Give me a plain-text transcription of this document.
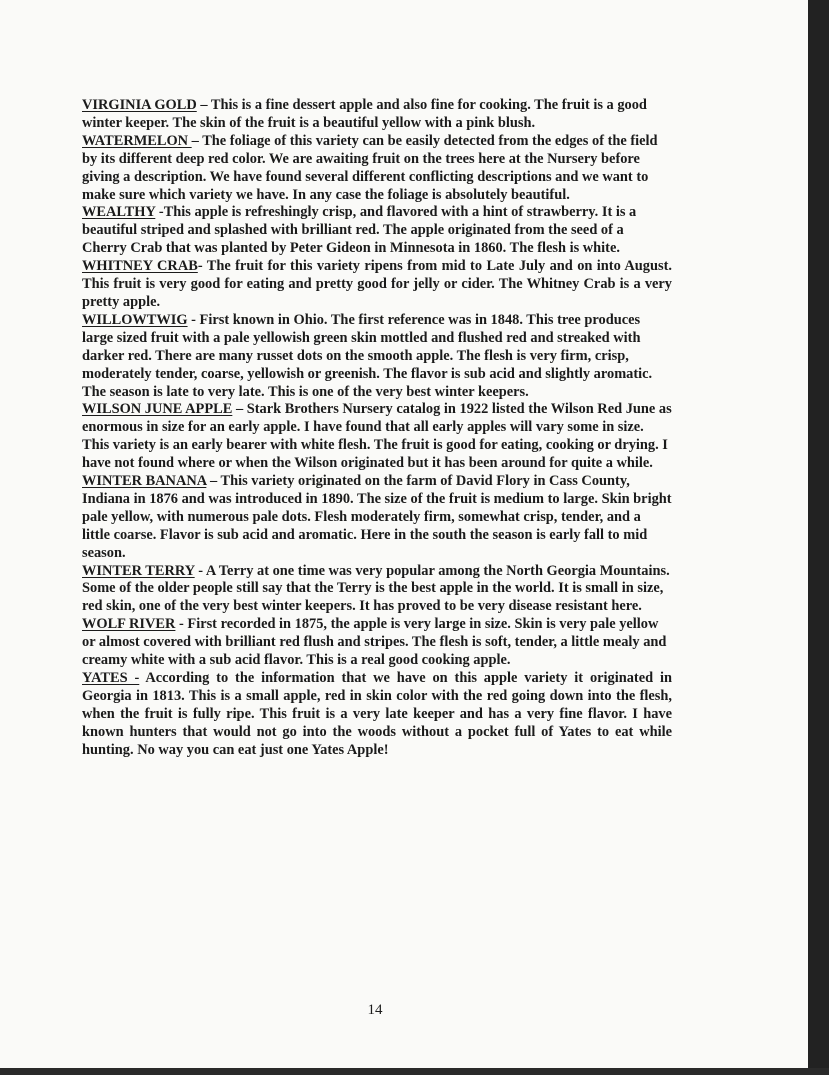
VIRGINIA GOLD – This is a fine dessert apple and also fine for cooking. The fruit is a good winter keeper. The skin of the fruit is a beautiful yellow with a pink blush.

WATERMELON – The foliage of this variety can be easily detected from the edges of the field by its different deep red color. We are awaiting fruit on the trees here at the Nursery before giving a description. We have found several different conflicting descriptions and we want to make sure which variety we have. In any case the foliage is absolutely beautiful.

WEALTHY -This apple is refreshingly crisp, and flavored with a hint of strawberry. It is a beautiful striped and splashed with brilliant red. The apple originated from the seed of a Cherry Crab that was planted by Peter Gideon in Minnesota in 1860. The flesh is white.

WHITNEY CRAB- The fruit for this variety ripens from mid to Late July and on into August. This fruit is very good for eating and pretty good for jelly or cider. The Whitney Crab is a very pretty apple.

WILLOWTWIG - First known in Ohio. The first reference was in 1848. This tree produces large sized fruit with a pale yellowish green skin mottled and flushed red and streaked with darker red. There are many russet dots on the smooth apple. The flesh is very firm, crisp, moderately tender, coarse, yellowish or greenish. The flavor is sub acid and slightly aromatic. The season is late to very late. This is one of the very best winter keepers.

WILSON JUNE APPLE – Stark Brothers Nursery catalog in 1922 listed the Wilson Red June as enormous in size for an early apple. I have found that all early apples will vary some in size. This variety is an early bearer with white flesh. The fruit is good for eating, cooking or drying. I have not found where or when the Wilson originated but it has been around for quite a while.

WINTER BANANA – This variety originated on the farm of David Flory in Cass County, Indiana in 1876 and was introduced in 1890. The size of the fruit is medium to large. Skin bright pale yellow, with numerous pale dots. Flesh moderately firm, somewhat crisp, tender, and a little coarse. Flavor is sub acid and aromatic. Here in the south the season is early fall to mid season.

WINTER TERRY - A Terry at one time was very popular among the North Georgia Mountains. Some of the older people still say that the Terry is the best apple in the world. It is small in size, red skin, one of the very best winter keepers. It has proved to be very disease resistant here.

WOLF RIVER - First recorded in 1875, the apple is very large in size. Skin is very pale yellow or almost covered with brilliant red flush and stripes. The flesh is soft, tender, a little mealy and creamy white with a sub acid flavor. This is a real good cooking apple.

YATES - According to the information that we have on this apple variety it originated in Georgia in 1813. This is a small apple, red in skin color with the red going down into the flesh, when the fruit is fully ripe. This fruit is a very late keeper and has a very fine flavor. I have known hunters that would not go into the woods without a pocket full of Yates to eat while hunting. No way you can eat just one Yates Apple!

14
